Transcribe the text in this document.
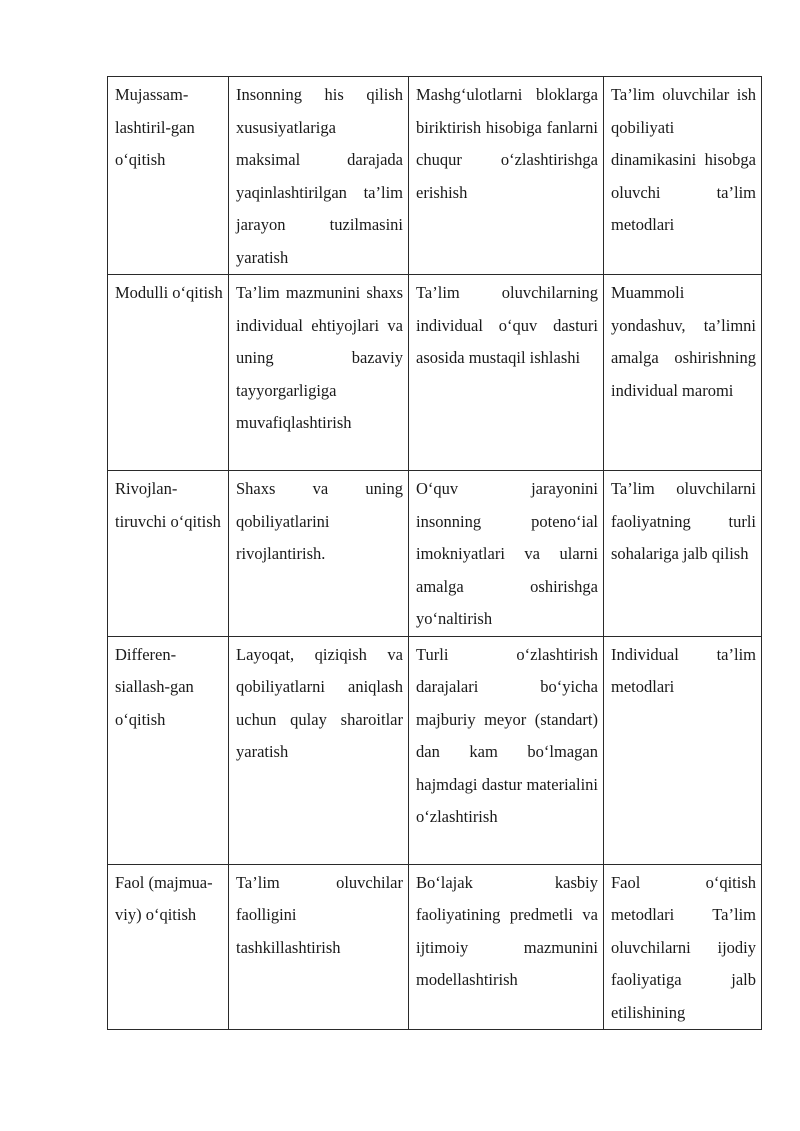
Mujassam-lashtiril-gan o‘qitish	Insonning his qilish xususiyatlariga maksimal darajada yaqinlashtirilgan ta’lim jarayon tuzilmasini yaratish	Mashg‘ulotlarni bloklarga biriktirish hisobiga fanlarni chuqur o‘zlashtirishga erishish	Ta’lim oluvchilar ish qobiliyati dinamikasini hisobga oluvchi ta’lim metodlari

Modulli o‘qitish	Ta’lim mazmunini shaxs individual ehtiyojlari va uning bazaviy tayyorgarligiga muvafiqlashtirish	Ta’lim oluvchilarning individual o‘quv dasturi asosida mustaqil ishlashi	Muammoli yondashuv, ta’limni amalga oshirishning individual maromi

Rivojlan-tiruvchi o‘qitish	Shaxs va uning qobiliyatlarini rivojlantirish.	O‘quv jarayonini insonning poteno‘ial imokniyatlari va ularni amalga oshirishga yo‘naltirish	Ta’lim oluvchilarni faoliyatning turli sohalariga jalb qilish

Differen-siallash-gan o‘qitish	Layoqat, qiziqish va qobiliyatlarni aniqlash uchun qulay sharoitlar yaratish	Turli o‘zlashtirish darajalari bo‘yicha majburiy meyor (standart) dan kam bo‘lmagan hajmdagi dastur materialini o‘zlashtirish	Individual ta’lim metodlari

Faol (majmua-viy) o‘qitish	Ta’lim oluvchilar faolligini tashkillashtirish	Bo‘lajak kasbiy faoliyatining predmetli va ijtimoiy mazmunini modellashtirish	Faol o‘qitish metodlari Ta’lim oluvchilarni ijodiy faoliyatiga jalb etilishining
